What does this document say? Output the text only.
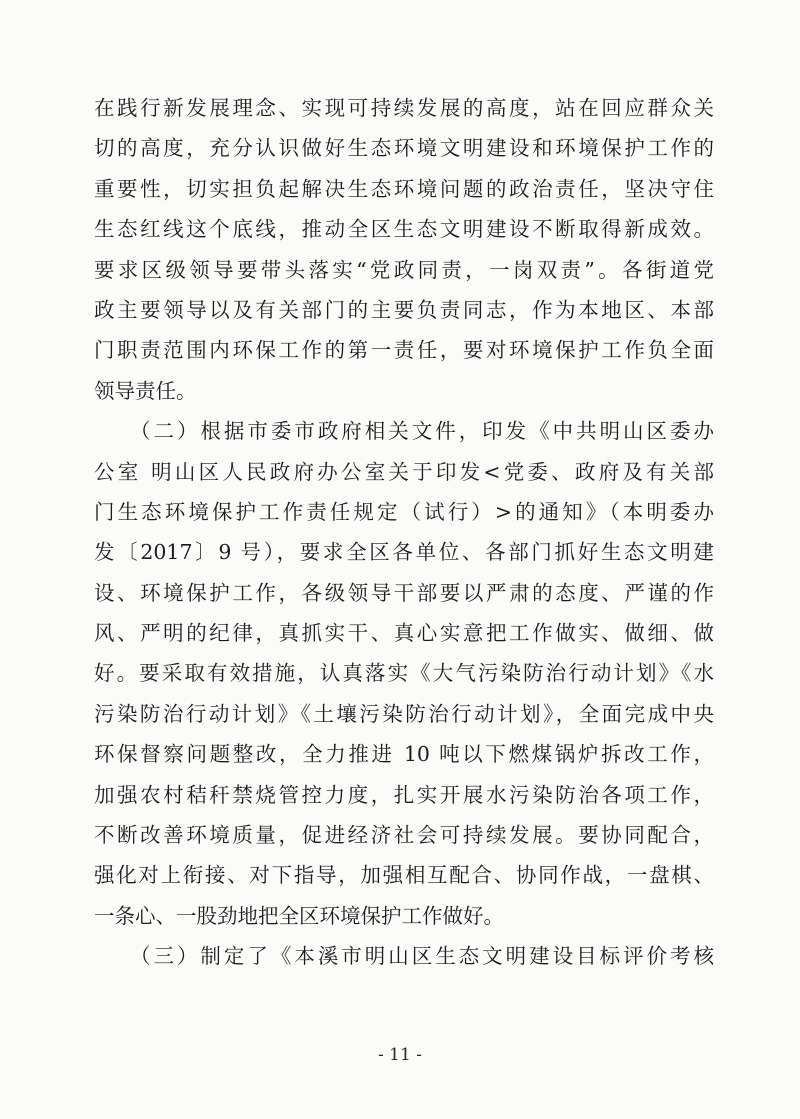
在践行新发展理念、实现可持续发展的高度，站在回应群众关
切的高度，充分认识做好生态环境文明建设和环境保护工作的
重要性，切实担负起解决生态环境问题的政治责任，坚决守住
生态红线这个底线，推动全区生态文明建设不断取得新成效。
要求区级领导要带头落实“党政同责，一岗双责”。各街道党
政主要领导以及有关部门的主要负责同志，作为本地区、本部
门职责范围内环保工作的第一责任，要对环境保护工作负全面
领导责任。
（二）根据市委市政府相关文件，印发《中共明山区委办
公室 明山区人民政府办公室关于印发<党委、政府及有关部
门生态环境保护工作责任规定（试行）>的通知》（本明委办
发〔2017〕9 号），要求全区各单位、各部门抓好生态文明建
设、环境保护工作，各级领导干部要以严肃的态度、严谨的作
风、严明的纪律，真抓实干、真心实意把工作做实、做细、做
好。要采取有效措施，认真落实《大气污染防治行动计划》《水
污染防治行动计划》《土壤污染防治行动计划》，全面完成中央
环保督察问题整改，全力推进 10 吨以下燃煤锅炉拆改工作，
加强农村秸秆禁烧管控力度，扎实开展水污染防治各项工作，
不断改善环境质量，促进经济社会可持续发展。要协同配合，
强化对上衔接、对下指导，加强相互配合、协同作战，一盘棋、
一条心、一股劲地把全区环境保护工作做好。
（三）制定了《本溪市明山区生态文明建设目标评价考核
- 11 -
